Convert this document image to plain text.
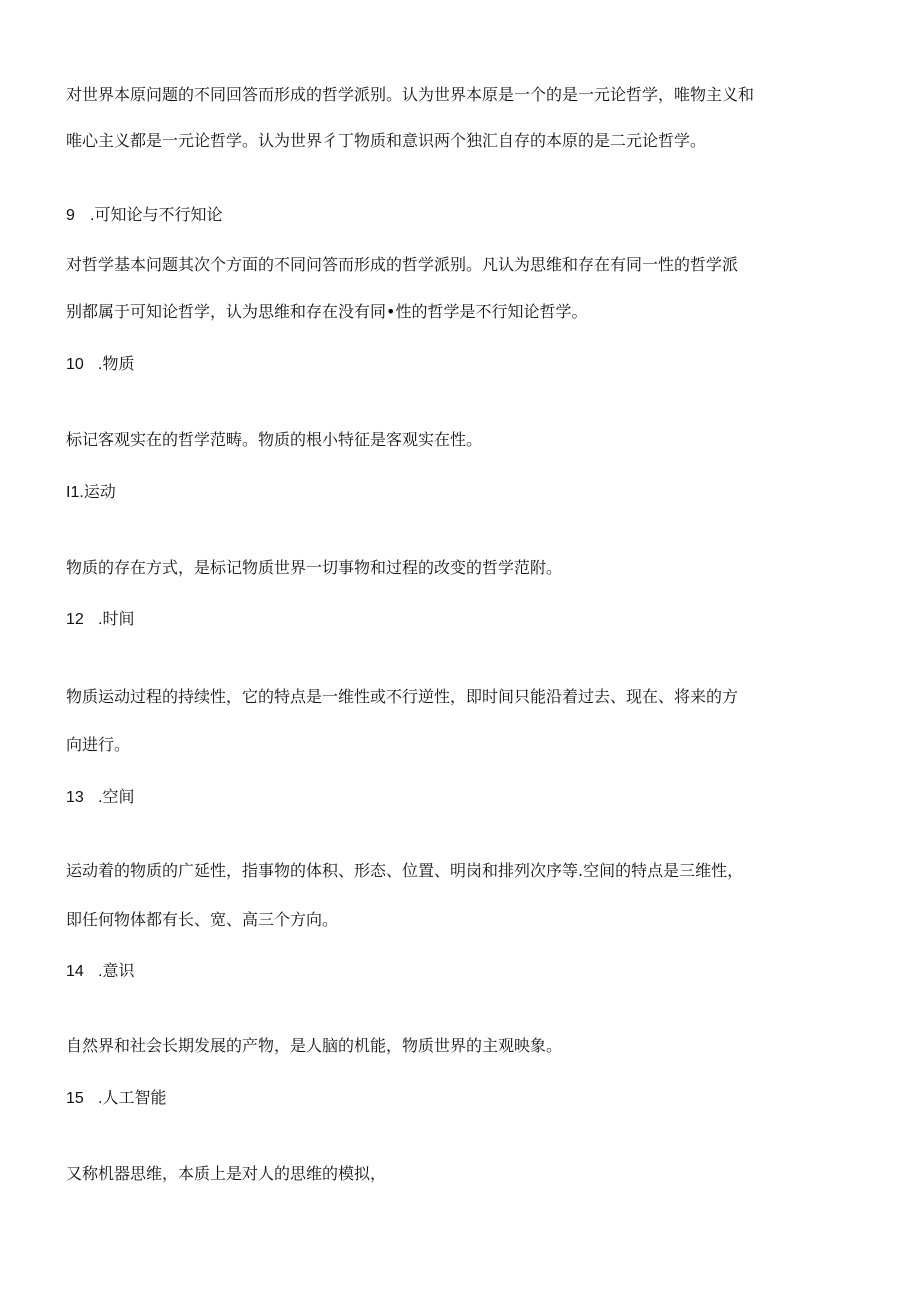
对世界本原问题的不同回答而形成的哲学派别。认为世界本原是一个的是一元论哲学，唯物主义和
唯心主义都是一元论哲学。认为世界彳丁物质和意识两个独汇自存的本原的是二元论哲学。
9 .可知论与不行知论
对哲学基本问题其次个方面的不同问答而形成的哲学派别。凡认为思维和存在有同一性的哲学派
别都属于可知论哲学，认为思维和存在没有同•性的哲学是不行知论哲学。
10 .物质
标记客观实在的哲学范畴。物质的根小特征是客观实在性。
I1.运动
物质的存在方式，是标记物质世界一切事物和过程的改变的哲学范附。
12 .时间
物质运动过程的持续性，它的特点是一维性或不行逆性，即时间只能沿着过去、现在、将来的方
向进行。
13 .空间
运动着的物质的广延性，指事物的体积、形态、位置、明岗和排列次序等.空间的特点是三维性，
即任何物体都有长、宽、高三个方向。
14 .意识
自然界和社会长期发展的产物，是人脑的机能，物质世界的主观映象。
15 .人工智能
又称机器思维，本质上是对人的思维的模拟，
